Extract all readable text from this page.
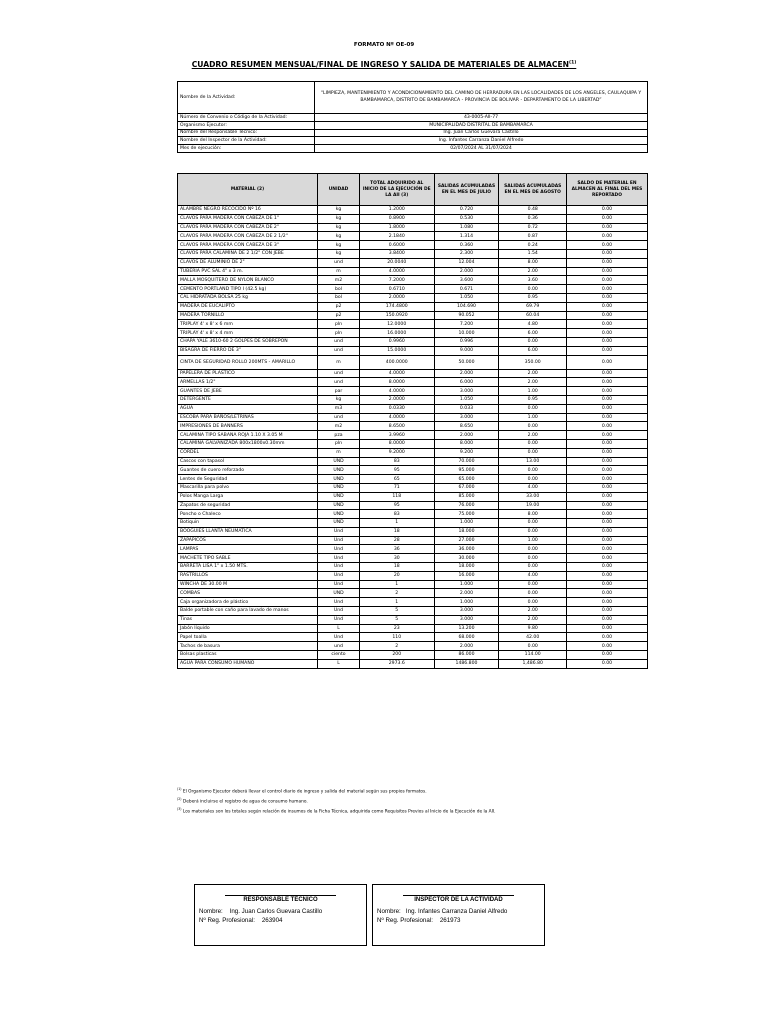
FORMATO Nº OE-09
CUADRO RESUMEN MENSUAL/FINAL DE INGRESO Y SALIDA DE MATERIALES DE ALMACEN$^{(1)}$
Nombre de la Actividad:	“LIMPIEZA, MANTENIMIENTO Y ACONDICIONAMIENTO DEL CAMINO DE HERRADURA EN LAS LOCALIDADES DE LOS ANGELES, CAULAQUIPA Y BAMBAMARCA, DISTRITO DE BAMBAMARCA - PROVINCIA DE BOLIVAR - DEPARTAMENTO DE LA LIBERTAD”
Número de Convenio o Código de la Actividad:	43-0005-AII-77
Organismo Ejecutor:	MUNICIPALIDAD DISTRITAL DE BAMBAMARCA
Nombre del Responsable Técnico:	Ing. Juan Carlos Guevara Castillo
Nombre del Inspector de la Actividad:	Ing. Infantes Carranza Daniel Alfredo
Mes de ejecución:	02/07/2024 AL 31/07/2024
MATERIAL (2)	UNIDAD	TOTAL ADQUIRIDO AL INICIO DE LA EJECUCIÓN DE LA AII (3)	SALIDAS ACUMULADAS EN EL MES DE JULIO	SALIDAS ACUMULADAS EN EL MES DE AGOSTO	SALDO DE MATERIAL EN ALMACEN AL FINAL DEL MES REPORTADO
ALAMBRE NEGRO RECOCIDO Nº 16	kg	1.2000	0.720	0.48	0.00
CLAVOS PARA MADERA CON CABEZA DE 1"	kg	0.8900	0.530	0.36	0.00
CLAVOS PARA MADERA CON CABEZA DE 2"	kg	1.8000	1.080	0.72	0.00
CLAVOS PARA MADERA CON CABEZA DE 2 1/2"	kg	2.1840	1.314	0.87	0.00
CLAVOS PARA MADERA CON CABEZA DE 3"	kg	0.6000	0.360	0.24	0.00
CLAVOS PARA CALAMINA DE 2 1/2" CON JEBE	kg	3.8400	2.300	1.54	0.00
CLAVOS DE ALUMINIO DE 2"	und	20.0040	12.004	8.00	0.00
TUBERIA PVC SAL 4" x 3 m.	m	4.0000	2.000	2.00	0.00
MALLA MOSQUITERO DE NYLON BLANCO	m2	7.2000	3.600	3.60	0.00
CEMENTO PORTLAND TIPO I (42.5 kg)	bol	0.6710	0.671	0.00	0.00
CAL HIDRATADA BOLSA 25 kg	bol	2.0000	1.050	0.95	0.00
MADERA DE EUCALIPTO	p2	174.4800	104.690	69.79	0.00
MADERA TORNILLO	p2	150.0920	90.052	60.04	0.00
TRIPLAY 4' x 8' x 6 mm	pln	12.0000	7.200	4.80	0.00
TRIPLAY 4' x 8' x 4 mm	pln	16.0000	10.000	6.00	0.00
CHAPA YALE 3610-60 2 GOLPES DE SOBREPON	und	0.9960	0.996	0.00	0.00
BISAGRA DE FIERRO DE 3"	und	15.0000	9.000	6.00	0.00
CINTA DE SEGURIDAD ROLLO 200MTS - AMARILLO	m	400.0000	50.000	350.00	0.00
PAPELERA DE PLASTICO	und	4.0000	2.000	2.00	0.00
ARMELLAS 1/2"	und	8.0000	6.000	2.00	0.00
GUANTES DE JEBE	par	4.0000	3.000	1.00	0.00
DETERGENTE	kg	2.0000	1.050	0.95	0.00
AGUA	m3	0.0330	0.033	0.00	0.00
ESCOBA PARA BAÑOS/LETRINAS	und	4.0000	3.000	1.00	0.00
IMPRESIONES DE BANNERS	m2	8.6500	8.650	0.00	0.00
CALAMINA TIPO SABANA ROJA 1.10 X 3.05 M	pza	3.9960	2.000	2.00	0.00
CALAMINA GALVANIZADA 800x1800x0.30mm	pln	8.0000	8.000	0.00	0.00
CORDEL	m	9.2000	9.200	0.00	0.00
Cascos con tapasol	UND	83	70.000	13.00	0.00
Guantes de cuero reforzado	UND	95	95.000	0.00	0.00
Lentes de Seguridad	UND	65	65.000	0.00	0.00
Mascarilla para polvo	UND	71	67.000	4.00	0.00
Polos Manga Larga	UND	118	85.000	33.00	0.00
Zapatos de seguridad	UND	95	76.000	19.00	0.00
Poncho o Chaleco	UND	83	75.000	8.00	0.00
Botiquin	UND	1	1.000	0.00	0.00
BOOGUIES LLANTA NEUMATICA	Und	18	18.000	0.00	0.00
ZAPAPICOS	Und	28	27.000	1.00	0.00
LAMPAS	Und	36	36.000	0.00	0.00
MACHETE TIPO SABLE	Und	30	30.000	0.00	0.00
BARRETA LISA 1" x 1.50 MTS.	Und	18	18.000	0.00	0.00
RASTRILLOS	Und	20	16.000	4.00	0.00
WINCHA DE 30.00 M	Und	1	1.000	0.00	0.00
COMBAS	UND	2	2.000	0.00	0.00
Caja organizadora de plástico	Und	1	1.000	0.00	0.00
Balde portable con caño para lavado de manos	Und	5	3.000	2.00	0.00
Tinas	Und	5	3.000	2.00	0.00
Jabón líquido	L	23	13.200	9.80	0.00
Papel toalla	Und	110	68.000	42.00	0.00
Tachos de basura	und	2	2.000	0.00	0.00
Bolsas plasticas	ciento	200	86.000	114.00	0.00
AGUA PARA CONSUMO HUMANO	L	2973.6	1486.800	1,486.80	0.00
$^{(1)}$ El Organismo Ejecutor deberá llevar el control diario de ingreso y salida del material según sus propios formatos.
$^{(2)}$ Deberá incluirse el registro de agua de consumo humano.
$^{(3)}$ Los materiales son los totales según relación de insumos de la Ficha Técnica, adquirida como Requisitos Previos al Inicio de la Ejecución de la AII.
RESPONSABLE TÉCNICO
Nombre: Ing. Juan Carlos Guevara Castillo
Nº Reg. Profesional: 263904
INSPECTOR DE LA ACTIVIDAD
Nombre: Ing. Infantes Carranza Daniel Alfredo
Nº Reg. Profesional: 261973
